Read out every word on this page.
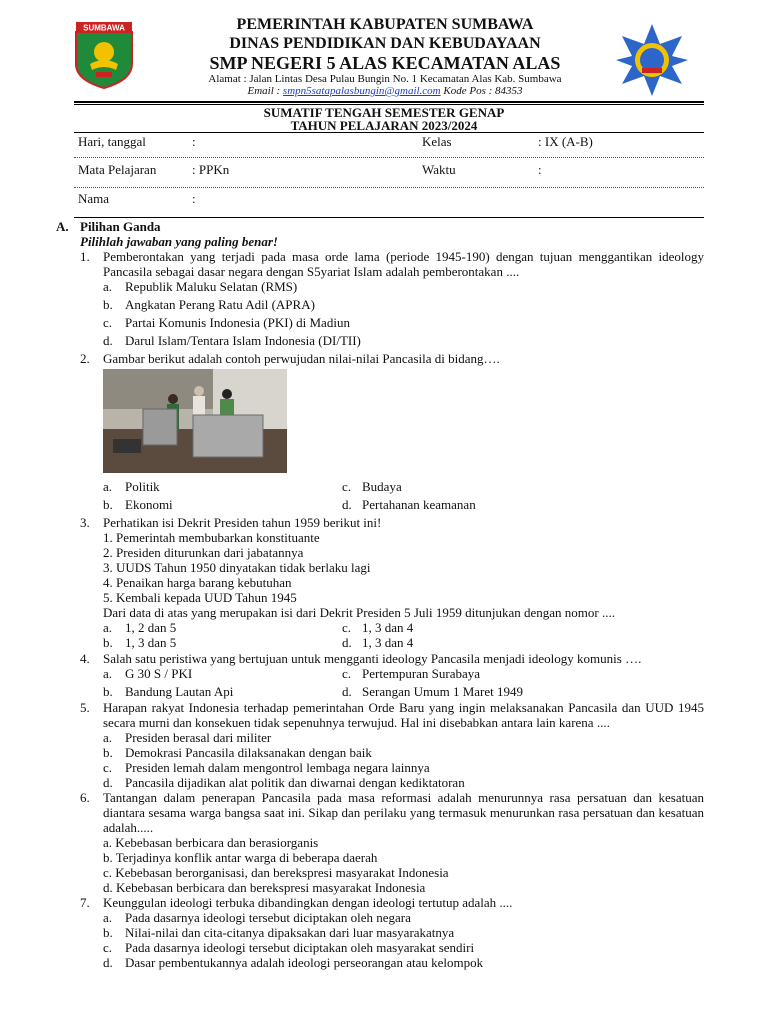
SUMBAWA	PEMERINTAH KABUPATEN SUMBAWA
DINAS PENDIDIKAN DAN KEBUDAYAAN
SMP NEGERI 5 ALAS KECAMATAN ALAS
Alamat : Jalan Lintas Desa Pulau Bungin No. 1 Kecamatan Alas Kab. Sumbawa
Email : smpn5satapalasbungin@gmail.com Kode Pos : 84353
SUMATIF TENGAH SEMESTER GENAP
TAHUN PELAJARAN 2023/2024
Hari, tanggal	:	Kelas	: IX (A-B)
Mata Pelajaran	: PPKn	Waktu	:
Nama	:
A. Pilihan Ganda
Pilihlah jawaban yang paling benar!
1. Pemberontakan yang terjadi pada masa orde lama (periode 1945-190) dengan tujuan menggantikan ideology Pancasila sebagai dasar negara dengan S5yariat Islam adalah pemberontakan ....
a. Republik Maluku Selatan (RMS)
b. Angkatan Perang Ratu Adil (APRA)
c. Partai Komunis Indonesia (PKI) di Madiun
d. Darul Islam/Tentara Islam Indonesia (DI/TII)
2. Gambar berikut adalah contoh perwujudan nilai-nilai Pancasila di bidang….
a. Politik	c. Budaya
b. Ekonomi	d. Pertahanan keamanan
3. Perhatikan isi Dekrit Presiden tahun 1959 berikut ini!
1. Pemerintah membubarkan konstituante
2. Presiden diturunkan dari jabatannya
3. UUDS Tahun 1950 dinyatakan tidak berlaku lagi
4. Penaikan harga barang kebutuhan
5. Kembali kepada UUD Tahun 1945
Dari data di atas yang merupakan isi dari Dekrit Presiden 5 Juli 1959 ditunjukan dengan nomor ....
a. 1, 2 dan 5	c. 1, 3 dan 4
b. 1, 3 dan 5	d. 1, 3 dan 4
4. Salah satu peristiwa yang bertujuan untuk mengganti ideology Pancasila menjadi ideology komunis ….
a. G 30 S / PKI	c. Pertempuran Surabaya
b. Bandung Lautan Api	d. Serangan Umum 1 Maret 1949
5. Harapan rakyat Indonesia terhadap pemerintahan Orde Baru yang ingin melaksanakan Pancasila dan UUD 1945 secara murni dan konsekuen tidak sepenuhnya terwujud. Hal ini disebabkan antara lain karena ....
a. Presiden berasal dari militer
b. Demokrasi Pancasila dilaksanakan dengan baik
c. Presiden lemah dalam mengontrol lembaga negara lainnya
d. Pancasila dijadikan alat politik dan diwarnai dengan kediktatoran
6. Tantangan dalam penerapan Pancasila pada masa reformasi adalah menurunnya rasa persatuan dan kesatuan diantara sesama warga bangsa saat ini. Sikap dan perilaku yang termasuk menurunkan rasa persatuan dan kesatuan adalah.....
a. Kebebasan berbicara dan berasiorganis
b. Terjadinya konflik antar warga di beberapa daerah
c. Kebebasan berorganisasi, dan berekspresi masyarakat Indonesia
d. Kebebasan berbicara dan berekspresi masyarakat Indonesia
7. Keunggulan ideologi terbuka dibandingkan dengan ideologi tertutup adalah ....
a. Pada dasarnya ideologi tersebut diciptakan oleh negara
b. Nilai-nilai dan cita-citanya dipaksakan dari luar masyarakatnya
c. Pada dasarnya ideologi tersebut diciptakan oleh masyarakat sendiri
d. Dasar pembentukannya adalah ideologi perseorangan atau kelompok
